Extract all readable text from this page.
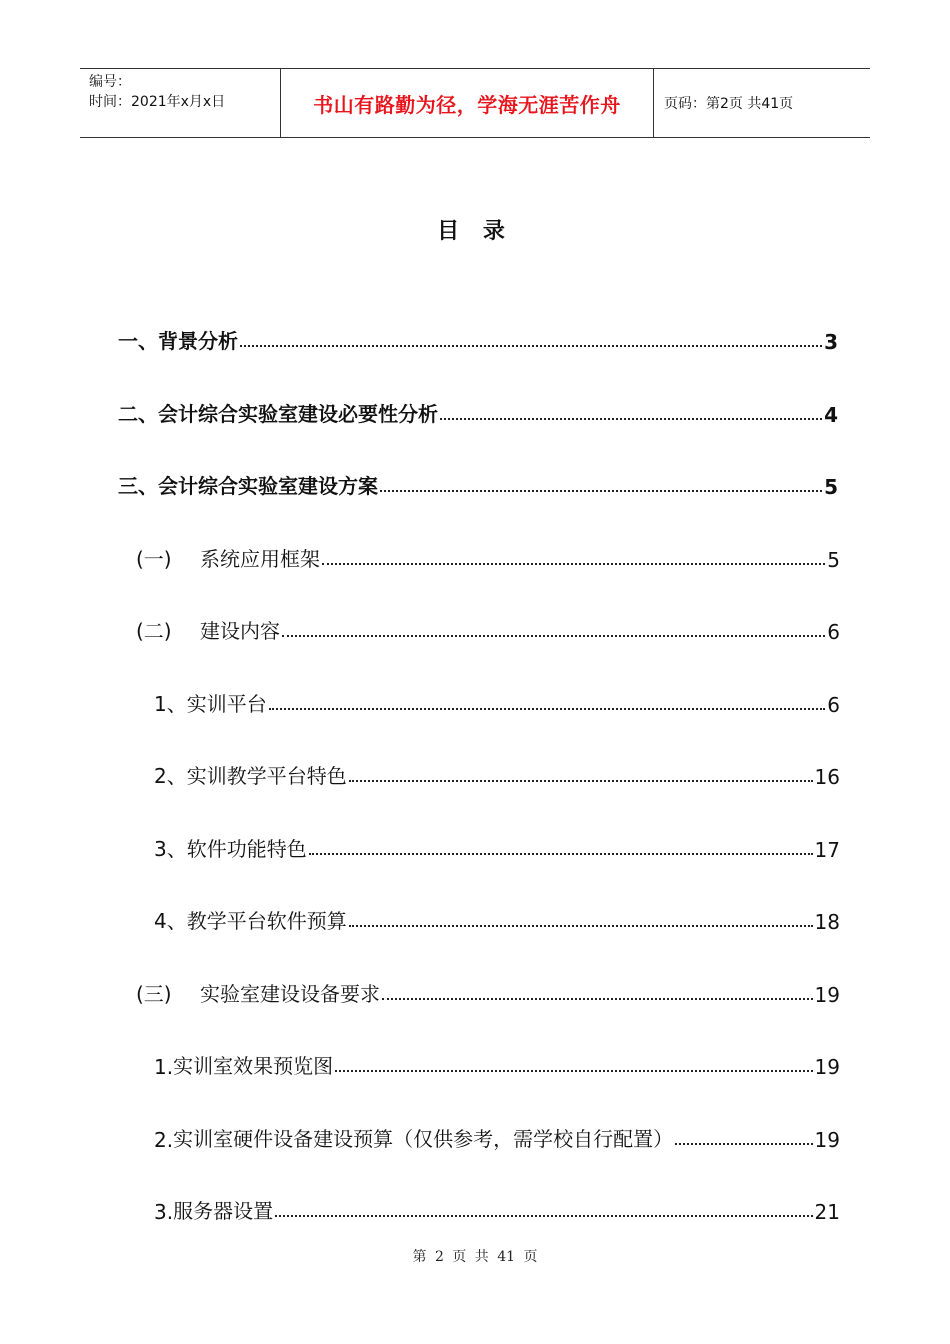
编号：
时间：2021年x月x日	书山有路勤为径，学海无涯苦作舟	页码：第2页 共41页
目 录
一、 背景分析	3
二、 会计综合实验室建设必要性分析	4
三、 会计综合实验室建设方案	5
(一)	系统应用框架	5
(二)	建设内容	6
1、 实训平台	6
2、 实训教学平台特色	16
3、 软件功能特色	17
4、 教学平台软件预算	18
(三)	实验室建设设备要求	19
1. 实训室效果预览图	19
2. 实训室硬件设备建设预算（仅供参考，需学校自行配置）	19
3. 服务器设置	21
第 2 页 共 41 页
